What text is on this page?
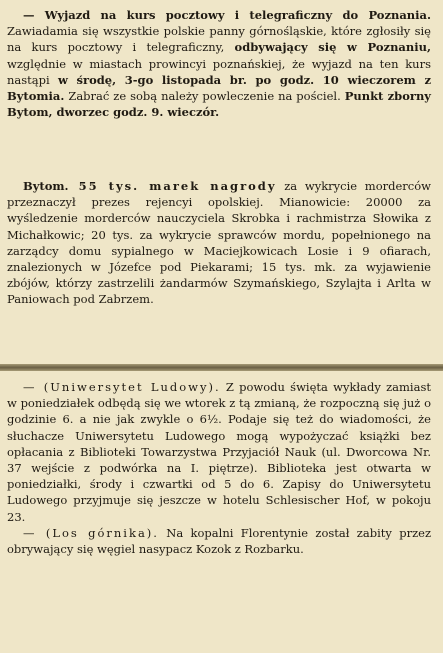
— Wyjazd na kurs pocztowy i telegraficzny do Poznania. Zawiadamia się wszystkie polskie panny górnośląskie, które zgłosiły się na kurs pocztowy i telegraficzny, odbywający się w Poznaniu, względnie w miastach prowincyi poznańskiej, że wyjazd na ten kurs nastąpi w środę, 3-go listopada br. po godz. 10 wieczorem z Bytomia. Zabrać ze sobą należy powleczenie na pościel. Punkt zborny Bytom, dworzec godz. 9. wieczór.

Bytom. 55 tys. marek nagrody za wykrycie morderców przeznaczył prezes rejencyi opolskiej. Mianowicie: 20000 za wyśledzenie morderców nauczyciela Skrobka i rachmistrza Słowika z Michałkowic; 20 tys. za wykrycie sprawców mordu, popełnionego na zarządcy domu sypialnego w Maciejkowicach Losie i 9 ofiarach, znalezionych w Józefce pod Piekarami; 15 tys. mk. za wyjawienie zbójów, którzy zastrzelili żandarmów Szymańskiego, Szylajta i Arlta w Paniowach pod Zabrzem.

— (Uniwersytet Ludowy). Z powodu święta wykłady zamiast w poniedziałek odbędą się we wtorek z tą zmianą, że rozpoczną się już o godzinie 6. a nie jak zwykle o 6½. Podaje się też do wiadomości, że słuchacze Uniwersytetu Ludowego mogą wypożyczać książki bez opłacania z Biblioteki Towarzystwa Przyjaciół Nauk (ul. Dworcowa Nr. 37 wejście z podwórka na I. piętrze). Biblioteka jest otwarta w poniedziałki, środy i czwartki od 5 do 6. Zapisy do Uniwersytetu Ludowego przyjmuje się jeszcze w hotelu Schlesischer Hof, w pokoju 23.

— (Los górnika). Na kopalni Florentynie został zabity przez obrywający się węgiel nasypacz Kozok z Rozbarku.
